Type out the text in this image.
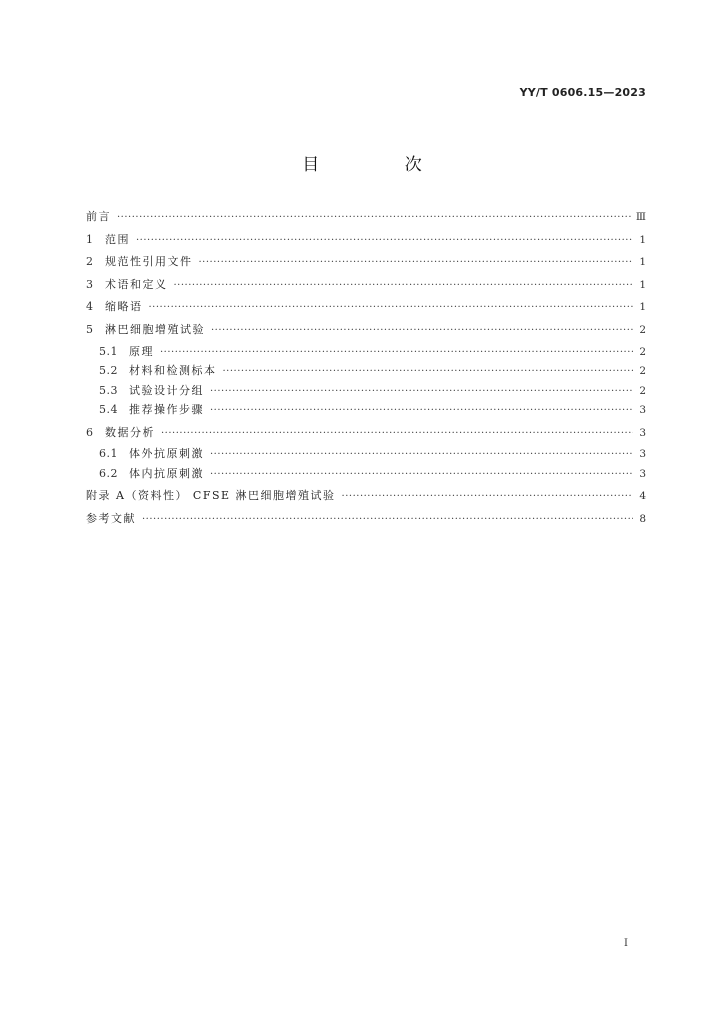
YY/T 0606.15—2023
目 次
前言 ·····	Ⅲ
1	范围 ·····	1
2	规范性引用文件 ·····	1
3	术语和定义 ·····	1
4	缩略语 ·····	1
5	淋巴细胞增殖试验 ·····	2
5.1	原理 ·····	2
5.2	材料和检测标本 ·····	2
5.3	试验设计分组 ·····	2
5.4	推荐操作步骤 ·····	3
6	数据分析 ·····	3
6.1	体外抗原刺激 ·····	3
6.2	体内抗原刺激 ·····	3
附录 A（资料性） CFSE 淋巴细胞增殖试验 ·····	4
参考文献 ·····	8
I
